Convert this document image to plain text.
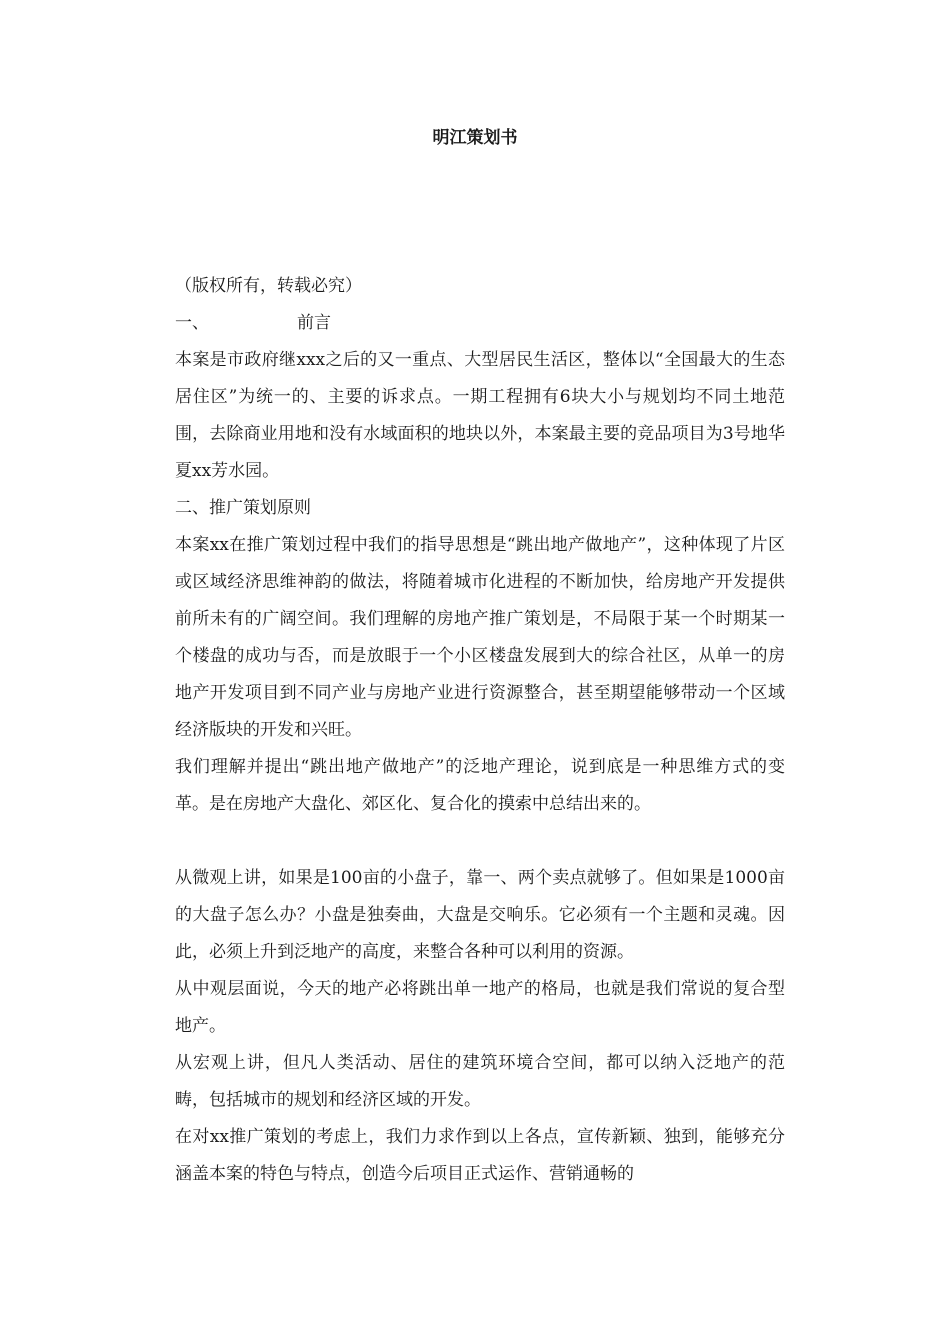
明江策划书

（版权所有，转载必究）

一、	前言

本案是市政府继xxx之后的又一重点、大型居民生活区，整体以“全国最大的生态居住区”为统一的、主要的诉求点。一期工程拥有6块大小与规划均不同土地范围，去除商业用地和没有水域面积的地块以外，本案最主要的竞品项目为3号地华夏xx芳水园。

二、推广策划原则

本案xx在推广策划过程中我们的指导思想是“跳出地产做地产”，这种体现了片区或区域经济思维神韵的做法，将随着城市化进程的不断加快，给房地产开发提供前所未有的广阔空间。我们理解的房地产推广策划是，不局限于某一个时期某一个楼盘的成功与否，而是放眼于一个小区楼盘发展到大的综合社区，从单一的房地产开发项目到不同产业与房地产业进行资源整合，甚至期望能够带动一个区域经济版块的开发和兴旺。

我们理解并提出“跳出地产做地产”的泛地产理论，说到底是一种思维方式的变革。是在房地产大盘化、郊区化、复合化的摸索中总结出来的。

从微观上讲，如果是100亩的小盘子，靠一、两个卖点就够了。但如果是1000亩的大盘子怎么办？小盘是独奏曲，大盘是交响乐。它必须有一个主题和灵魂。因此，必须上升到泛地产的高度，来整合各种可以利用的资源。

从中观层面说，今天的地产必将跳出单一地产的格局，也就是我们常说的复合型地产。

从宏观上讲，但凡人类活动、居住的建筑环境合空间，都可以纳入泛地产的范畴，包括城市的规划和经济区域的开发。

在对xx推广策划的考虑上，我们力求作到以上各点，宣传新颖、独到，能够充分涵盖本案的特色与特点，创造今后项目正式运作、营销通畅的
